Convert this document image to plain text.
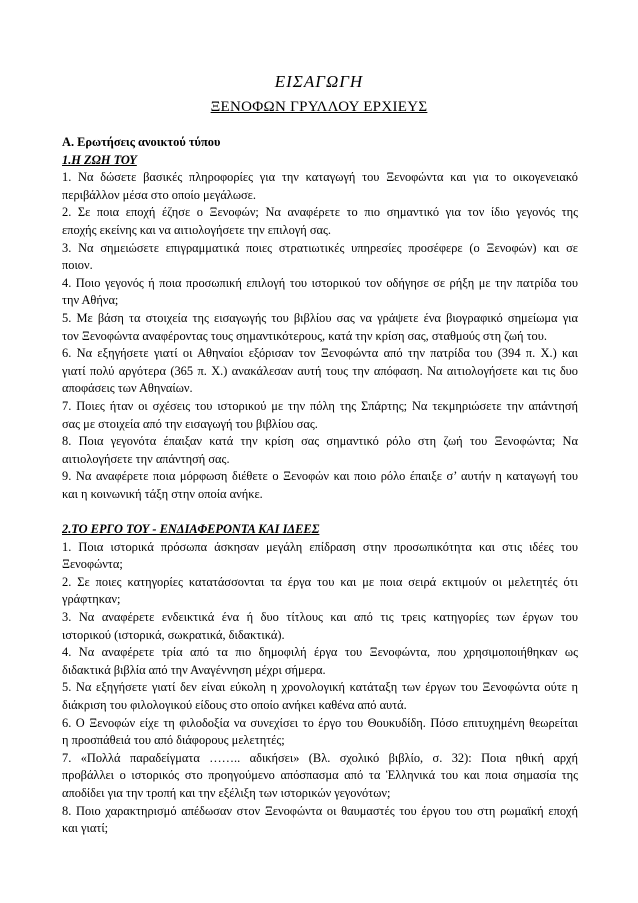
ΕΙΣΑΓΩΓΗ
ΞΕΝΟΦΩΝ ΓΡΥΛΛΟΥ ΕΡΧΙΕΥΣ
Α. Ερωτήσεις ανοικτού τύπου
1.Η ΖΩΗ ΤΟΥ
1. Να δώσετε βασικές πληροφορίες για την καταγωγή του Ξενοφώντα και για το οικογενειακό
περιβάλλον μέσα στο οποίο μεγάλωσε.
2. Σε ποια εποχή έζησε ο Ξενοφών; Να αναφέρετε το πιο σημαντικό για τον ίδιο γεγονός της
εποχής εκείνης και να αιτιολογήσετε την επιλογή σας.
3. Να σημειώσετε επιγραμματικά ποιες στρατιωτικές υπηρεσίες προσέφερε (ο Ξενοφών) και σε
ποιον.
4. Ποιο γεγονός ή ποια προσωπική επιλογή του ιστορικού τον οδήγησε σε ρήξη με την πατρίδα του
την Αθήνα;
5. Με βάση τα στοιχεία της εισαγωγής του βιβλίου σας να γράψετε ένα βιογραφικό σημείωμα για
τον Ξενοφώντα αναφέροντας τους σημαντικότερους, κατά την κρίση σας, σταθμούς στη ζωή του.
6. Να εξηγήσετε γιατί οι Αθηναίοι εξόρισαν τον Ξενοφώντα από την πατρίδα του (394 π. Χ.) και
γιατί πολύ αργότερα (365 π. Χ.) ανακάλεσαν αυτή τους την απόφαση. Να αιτιολογήσετε και τις δυο
αποφάσεις των Αθηναίων.
7. Ποιες ήταν οι σχέσεις του ιστορικού με την πόλη της Σπάρτης; Να τεκμηριώσετε την απάντησή
σας με στοιχεία από την εισαγωγή του βιβλίου σας.
8. Ποια γεγονότα έπαιξαν κατά την κρίση σας σημαντικό ρόλο στη ζωή του Ξενοφώντα; Να
αιτιολογήσετε την απάντησή σας.
9. Να αναφέρετε ποια μόρφωση διέθετε ο Ξενοφών και ποιο ρόλο έπαιξε σ’ αυτήν η καταγωγή του
και η κοινωνική τάξη στην οποία ανήκε.
2.ΤΟ ΕΡΓΟ ΤΟΥ - ΕΝΔΙΑΦΕΡΟΝΤΑ ΚΑΙ ΙΔΕΕΣ
1. Ποια ιστορικά πρόσωπα άσκησαν μεγάλη επίδραση στην προσωπικότητα και στις ιδέες του
Ξενοφώντα;
2. Σε ποιες κατηγορίες κατατάσσονται τα έργα του και με ποια σειρά εκτιμούν οι μελετητές ότι
γράφτηκαν;
3. Να αναφέρετε ενδεικτικά ένα ή δυο τίτλους και από τις τρεις κατηγορίες των έργων του
ιστορικού (ιστορικά, σωκρατικά, διδακτικά).
4. Να αναφέρετε τρία από τα πιο δημοφιλή έργα του Ξενοφώντα, που χρησιμοποιήθηκαν ως
διδακτικά βιβλία από την Αναγέννηση μέχρι σήμερα.
5. Να εξηγήσετε γιατί δεν είναι εύκολη η χρονολογική κατάταξη των έργων του Ξενοφώντα ούτε η
διάκριση του φιλολογικού είδους στο οποίο ανήκει καθένα από αυτά.
6. Ο Ξενοφών είχε τη φιλοδοξία να συνεχίσει το έργο του Θουκυδίδη. Πόσο επιτυχημένη θεωρείται
η προσπάθειά του από διάφορους μελετητές;
7. «Πολλά παραδείγματα …….. αδικήσει» (Βλ. σχολικό βιβλίο, σ. 32): Ποια ηθική αρχή
προβάλλει ο ιστορικός στο προηγούμενο απόσπασμα από τα Ἑλληνικά του και ποια σημασία της
αποδίδει για την τροπή και την εξέλιξη των ιστορικών γεγονότων;
8. Ποιο χαρακτηρισμό απέδωσαν στον Ξενοφώντα οι θαυμαστές του έργου του στη ρωμαϊκή εποχή
και γιατί;
